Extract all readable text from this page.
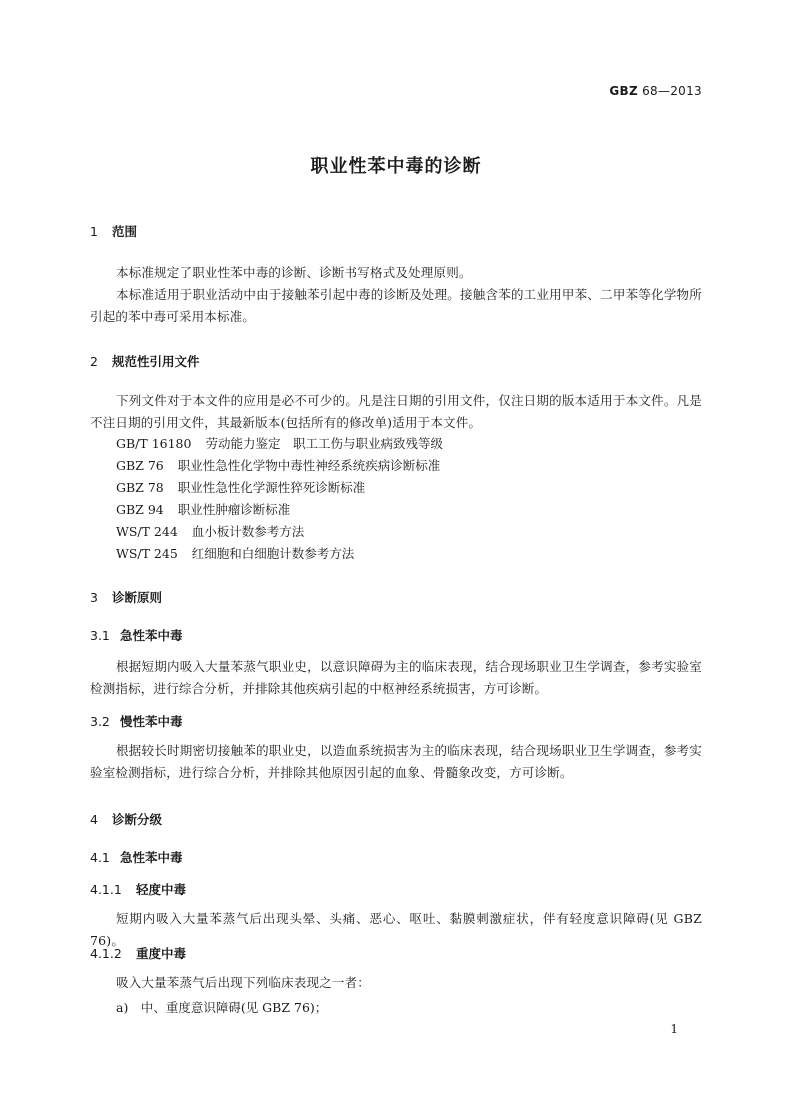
GBZ 68—2013
职业性苯中毒的诊断
1 范围
本标准规定了职业性苯中毒的诊断、诊断书写格式及处理原则。
本标准适用于职业活动中由于接触苯引起中毒的诊断及处理。接触含苯的工业用甲苯、二甲苯等化学物所引起的苯中毒可采用本标准。
2 规范性引用文件
下列文件对于本文件的应用是必不可少的。凡是注日期的引用文件，仅注日期的版本适用于本文件。凡是不注日期的引用文件，其最新版本(包括所有的修改单)适用于本文件。
GB/T 16180 劳动能力鉴定　职工工伤与职业病致残等级
GBZ 76 职业性急性化学物中毒性神经系统疾病诊断标准
GBZ 78 职业性急性化学源性猝死诊断标准
GBZ 94 职业性肿瘤诊断标准
WS/T 244 血小板计数参考方法
WS/T 245 红细胞和白细胞计数参考方法
3 诊断原则
3.1 急性苯中毒
根据短期内吸入大量苯蒸气职业史，以意识障碍为主的临床表现，结合现场职业卫生学调查，参考实验室检测指标，进行综合分析，并排除其他疾病引起的中枢神经系统损害，方可诊断。
3.2 慢性苯中毒
根据较长时期密切接触苯的职业史，以造血系统损害为主的临床表现，结合现场职业卫生学调查，参考实验室检测指标，进行综合分析，并排除其他原因引起的血象、骨髓象改变，方可诊断。
4 诊断分级
4.1 急性苯中毒
4.1.1 轻度中毒
短期内吸入大量苯蒸气后出现头晕、头痛、恶心、呕吐、黏膜刺激症状，伴有轻度意识障碍(见 GBZ 76)。
4.1.2 重度中毒
吸入大量苯蒸气后出现下列临床表现之一者：
a)　中、重度意识障碍(见 GBZ 76)；
1
